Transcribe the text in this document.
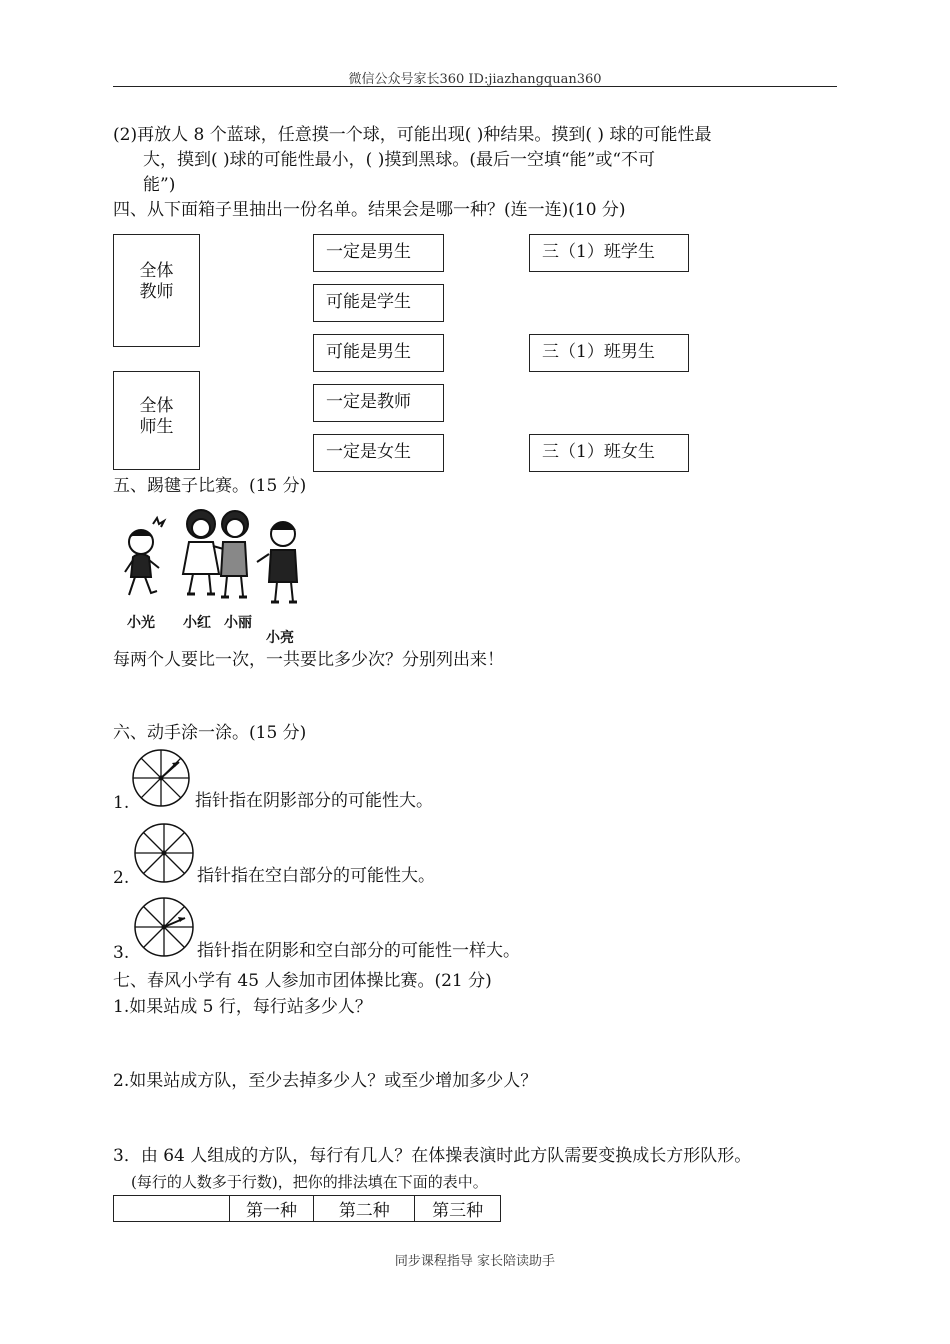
微信公众号家长360 ID:jiazhangquan360
(2)再放人 8 个蓝球，任意摸一个球，可能出现( )种结果。摸到( ) 球的可能性最
大，摸到( )球的可能性最小，( )摸到黑球。(最后一空填“能”或“不可
能”)
四、从下面箱子里抽出一份名单。结果会是哪一种？(连一连)(10 分)
全体
教师
全体
师生
一定是男生
可能是学生
可能是男生
一定是教师
一定是女生
三（1）班学生
三（1）班男生
三（1）班女生
五、踢毽子比赛。(15 分)
小光 小红 小丽
小亮
每两个人要比一次，一共要比多少次？分别列出来！
六、动手涂一涂。(15 分)
1.	指针指在阴影部分的可能性大。
2.	指针指在空白部分的可能性大。
3.	指针指在阴影和空白部分的可能性一样大。
七、春风小学有 45 人参加市团体操比赛。(21 分)
1.如果站成 5 行，每行站多少人？
2.如果站成方队，至少去掉多少人？或至少增加多少人？
3．由 64 人组成的方队，每行有几人？在体操表演时此方队需要变换成长方形队形。
(每行的人数多于行数)，把你的排法填在下面的表中。
	第一种	第二种	第三种
同步课程指导 家长陪读助手
